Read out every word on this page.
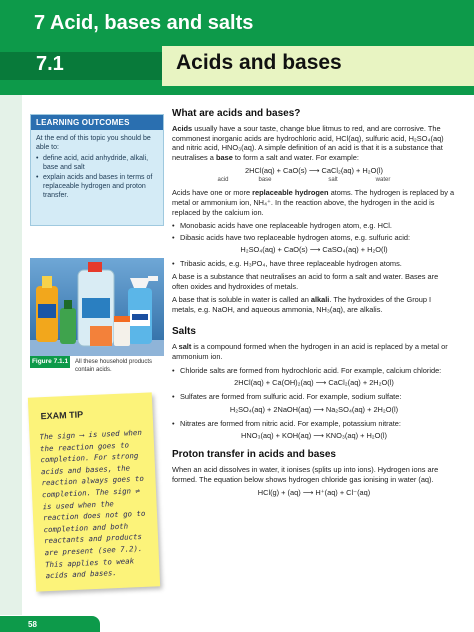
7 Acid, bases and salts
7.1	Acids and bases
LEARNING OUTCOMES
At the end of this topic you should be able to:
• define acid, acid anhydride, alkali, base and salt
• explain acids and bases in terms of replaceable hydrogen and proton transfer.
Figure 7.1.1	All these household products contain acids.
EXAM TIP
The sign ⟶ is used when the reaction goes to completion. For strong acids and bases, the reaction always goes to completion. The sign ⇌ is used when the reaction does not go to completion and both reactants and products are present (see 7.2). This applies to weak acids and bases.
What are acids and bases?

Acids usually have a sour taste, change blue litmus to red, and are corrosive. The commonest inorganic acids are hydrochloric acid, HCl(aq), sulfuric acid, H₂SO₄(aq) and nitric acid, HNO₃(aq). A simple definition of an acid is that it is a substance that neutralises a base to form a salt and water. For example:

2HCl(aq) + CaO(s) ⟶ CaCl₂(aq) + H₂O(l)
acid	base	salt	water

Acids have one or more replaceable hydrogen atoms. The hydrogen is replaced by a metal or ammonium ion, NH₄⁺. In the reaction above, the hydrogen in the acid is replaced by the calcium ion.

• Monobasic acids have one replaceable hydrogen atom, e.g. HCl.
• Dibasic acids have two replaceable hydrogen atoms, e.g. sulfuric acid:
H₂SO₄(aq) + CaO(s) ⟶ CaSO₄(aq) + H₂O(l)
• Tribasic acids, e.g. H₃PO₄, have three replaceable hydrogen atoms.

A base is a substance that neutralises an acid to form a salt and water. Bases are often oxides and hydroxides of metals.

A base that is soluble in water is called an alkali. The hydroxides of the Group I metals, e.g. NaOH, and aqueous ammonia, NH₃(aq), are alkalis.

Salts

A salt is a compound formed when the hydrogen in an acid is replaced by a metal or ammonium ion.

• Chloride salts are formed from hydrochloric acid. For example, calcium chloride:
2HCl(aq) + Ca(OH)₂(aq) ⟶ CaCl₂(aq) + 2H₂O(l)
• Sulfates are formed from sulfuric acid. For example, sodium sulfate:
H₂SO₄(aq) + 2NaOH(aq) ⟶ Na₂SO₄(aq) + 2H₂O(l)
• Nitrates are formed from nitric acid. For example, potassium nitrate:
HNO₃(aq) + KOH(aq) ⟶ KNO₃(aq) + H₂O(l)
Proton transfer in acids and bases

When an acid dissolves in water, it ionises (splits up into ions). Hydrogen ions are formed. The equation below shows hydrogen chloride gas ionising in water (aq).

HCl(g) + (aq) ⟶ H⁺(aq) + Cl⁻(aq)
58
